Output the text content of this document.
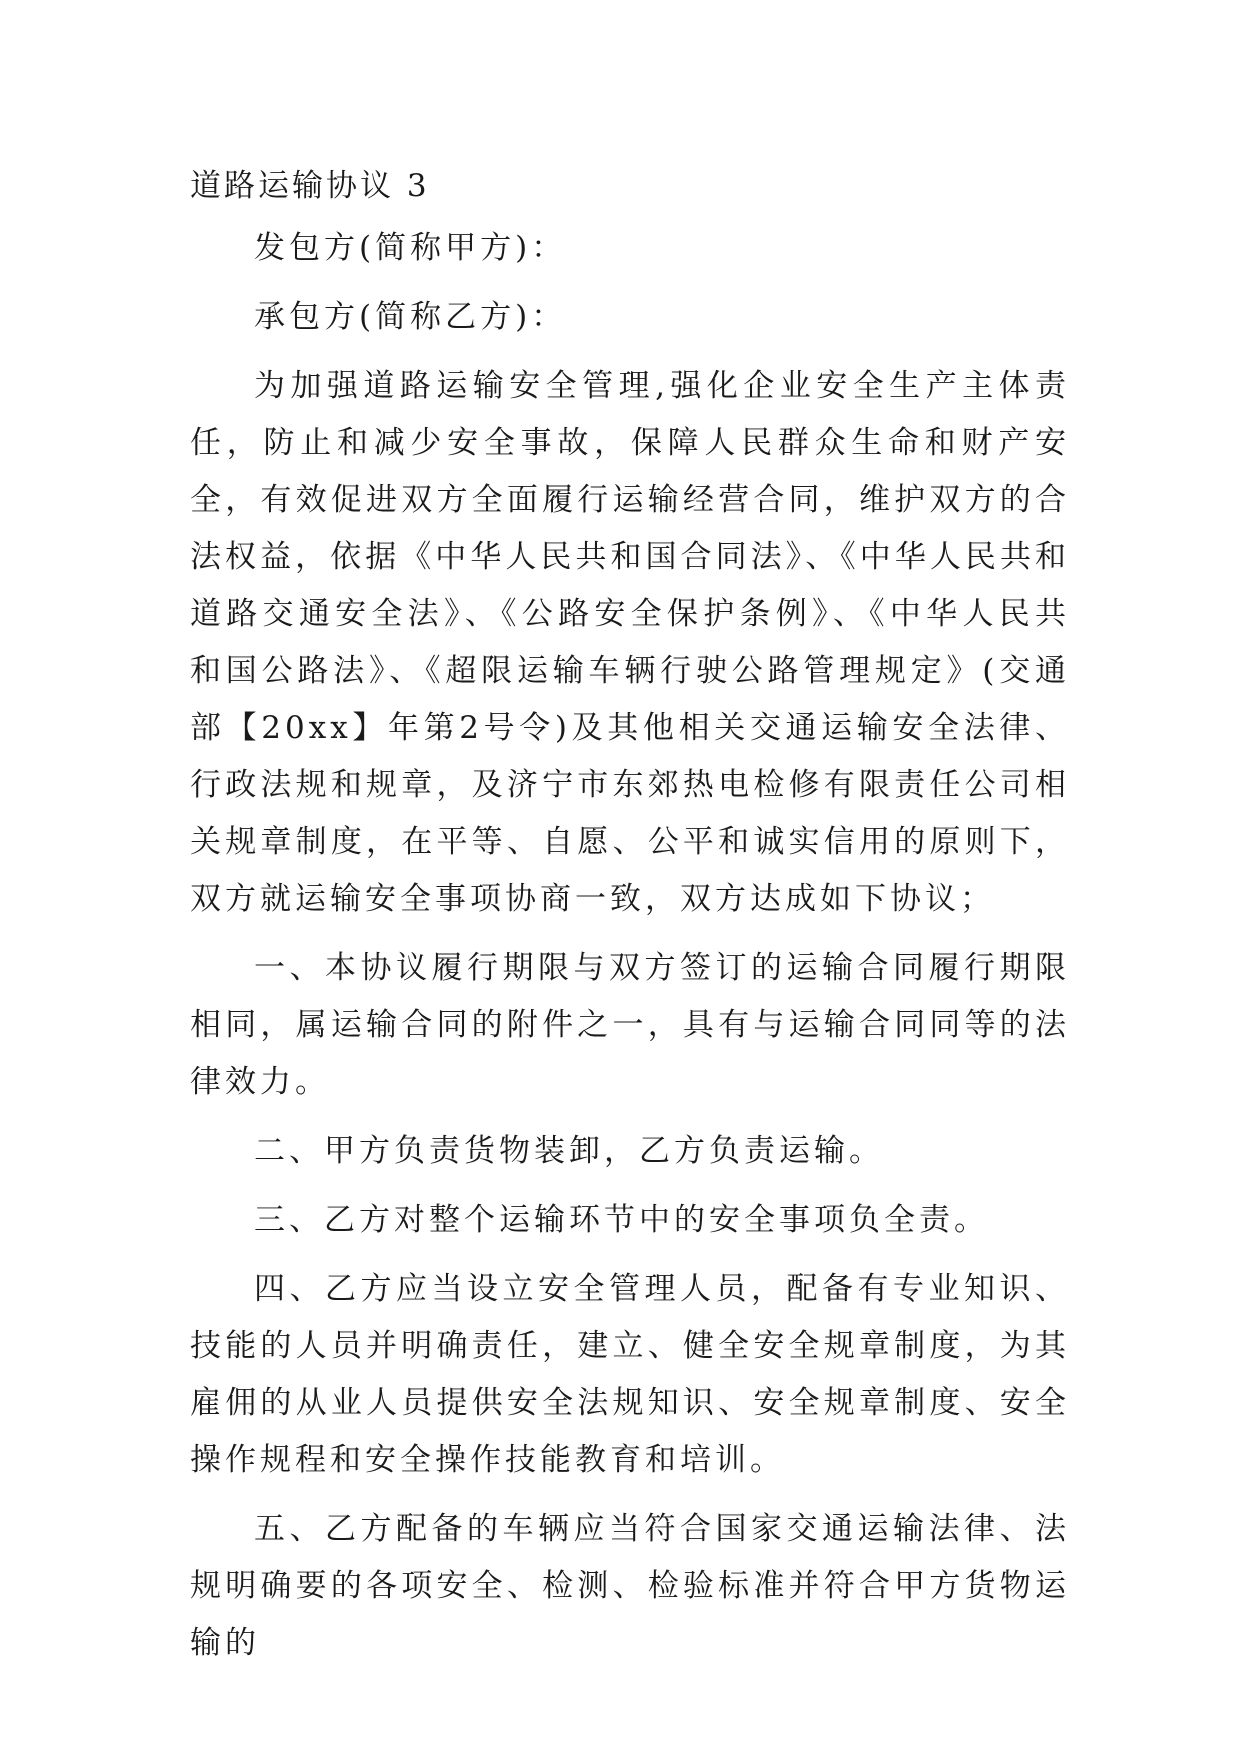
道路运输协议 3

发包方(简称甲方)：

承包方(简称乙方)：

为加强道路运输安全管理,强化企业安全生产主体责任，防止和减少安全事故，保障人民群众生命和财产安全，有效促进双方全面履行运输经营合同，维护双方的合法权益，依据《中华人民共和国合同法》、《中华人民共和道路交通安全法》、《公路安全保护条例》、《中华人民共和国公路法》、《超限运输车辆行驶公路管理规定》(交通部【20xx】年第2号令)及其他相关交通运输安全法律、行政法规和规章，及济宁市东郊热电检修有限责任公司相关规章制度，在平等、自愿、公平和诚实信用的原则下，双方就运输安全事项协商一致，双方达成如下协议；

一、本协议履行期限与双方签订的运输合同履行期限相同，属运输合同的附件之一，具有与运输合同同等的法律效力。

二、甲方负责货物装卸，乙方负责运输。

三、乙方对整个运输环节中的安全事项负全责。

四、乙方应当设立安全管理人员，配备有专业知识、技能的人员并明确责任，建立、健全安全规章制度，为其雇佣的从业人员提供安全法规知识、安全规章制度、安全操作规程和安全操作技能教育和培训。

五、乙方配备的车辆应当符合国家交通运输法律、法规明确要的各项安全、检测、检验标准并符合甲方货物运输的
